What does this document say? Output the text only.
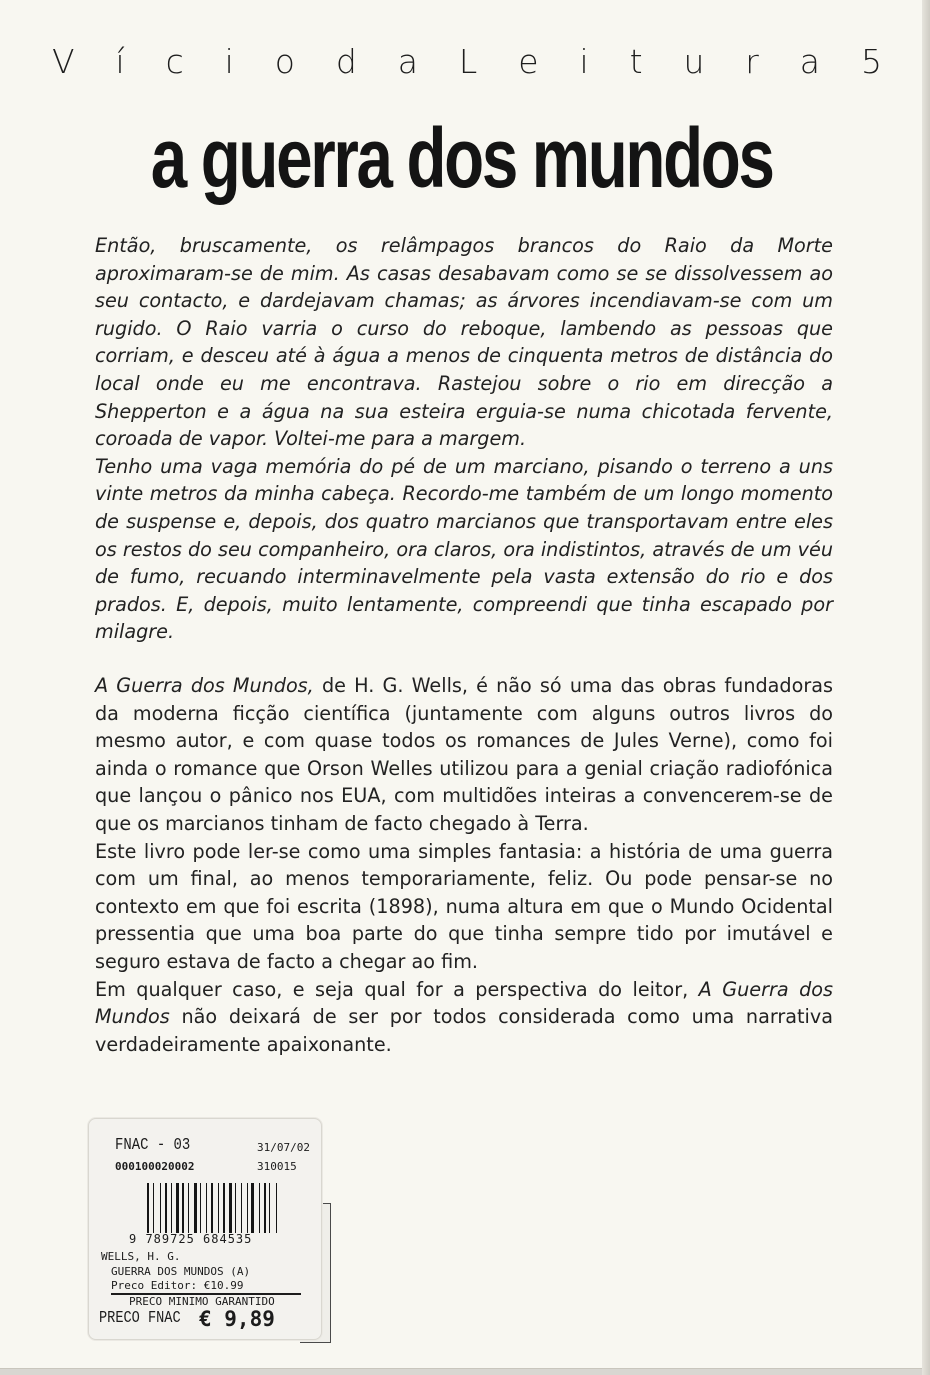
V í c i o d a L e i t u r a 5
a guerra dos mundos

Então, bruscamente, os relâmpagos brancos do Raio da Morte aproximaram-se de mim. As casas desabavam como se se dissolvessem ao seu contacto, e dardejavam chamas; as árvores incendiavam-se com um rugido. O Raio varria o curso do reboque, lambendo as pessoas que corriam, e desceu até à água a menos de cinquenta metros de distância do local onde eu me encontrava. Rastejou sobre o rio em direcção a Shepperton e a água na sua esteira erguia-se numa chicotada fervente, coroada de vapor. Voltei-me para a margem.

Tenho uma vaga memória do pé de um marciano, pisando o terreno a uns vinte metros da minha cabeça. Recordo-me também de um longo momento de suspense e, depois, dos quatro marcianos que transportavam entre eles os restos do seu companheiro, ora claros, ora indistintos, através de um véu de fumo, recuando interminavelmente pela vasta extensão do rio e dos prados. E, depois, muito lentamente, compreendi que tinha escapado por milagre.

A Guerra dos Mundos, de H. G. Wells, é não só uma das obras fundadoras da moderna ficção científica (juntamente com alguns outros livros do mesmo autor, e com quase todos os romances de Jules Verne), como foi ainda o romance que Orson Welles utilizou para a genial criação radiofónica que lançou o pânico nos EUA, com multidões inteiras a convencerem-se de que os marcianos tinham de facto chegado à Terra.

Este livro pode ler-se como uma simples fantasia: a história de uma guerra com um final, ao menos temporariamente, feliz. Ou pode pensar-se no contexto em que foi escrita (1898), numa altura em que o Mundo Ocidental pressentia que uma boa parte do que tinha sempre tido por imutável e seguro estava de facto a chegar ao fim.

Em qualquer caso, e seja qual for a perspectiva do leitor, A Guerra dos Mundos não deixará de ser por todos considerada como uma narrativa verdadeiramente apaixonante.

FNAC - 03	31/07/02
000100020002	310015
9 789725 684535
WELLS, H. G.
GUERRA DOS MUNDOS (A)
Preco Editor: €10.99
PRECO MINIMO GARANTIDO
PRECO FNAC € 9,89
